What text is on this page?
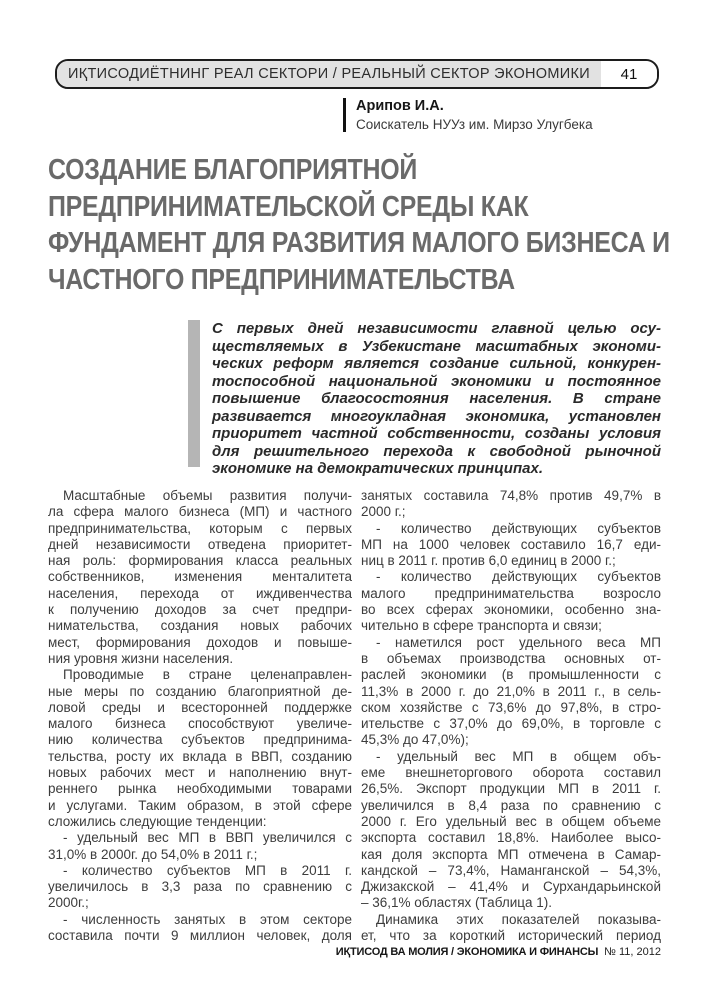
ИҚТИСОДИЁТНИНГ РЕАЛ СЕКТОРИ / РЕАЛЬНЫЙ СЕКТОР ЭКОНОМИКИ	41
Арипов И.А.
Соискатель НУУз им. Мирзо Улугбека
СОЗДАНИЕ БЛАГОПРИЯТНОЙ
ПРЕДПРИНИМАТЕЛЬСКОЙ СРЕДЫ КАК
ФУНДАМЕНТ ДЛЯ РАЗВИТИЯ МАЛОГО БИЗНЕСА И
ЧАСТНОГО ПРЕДПРИНИМАТЕЛЬСТВА
С первых дней независимости главной целью осу-
ществляемых в Узбекистане масштабных экономи-
ческих реформ является создание сильной, конкурен-
тоспособной национальной экономики и постоянное
повышение благосостояния населения. В стране
развивается многоукладная экономика, установлен
приоритет частной собственности, созданы условия
для решительного перехода к свободной рыночной
экономике на демократических принципах.
Масштабные объемы развития получи-
ла сфера малого бизнеса (МП) и частного
предпринимательства, которым с первых
дней независимости отведена приоритет-
ная роль: формирования класса реальных
собственников, изменения менталитета
населения, перехода от иждивенчества
к получению доходов за счет предпри-
нимательства, создания новых рабочих
мест, формирования доходов и повыше-
ния уровня жизни населения.
Проводимые в стране целенаправлен-
ные меры по созданию благоприятной де-
ловой среды и всесторонней поддержке
малого бизнеса способствуют увеличе-
нию количества субъектов предпринима-
тельства, росту их вклада в ВВП, созданию
новых рабочих мест и наполнению внут-
реннего рынка необходимыми товарами
и услугами. Таким образом, в этой сфере
сложились следующие тенденции:
- удельный вес МП в ВВП увеличился с
31,0% в 2000г. до 54,0% в 2011 г.;
- количество субъектов МП в 2011 г.
увеличилось в 3,3 раза по сравнению с
2000г.;
- численность занятых в этом секторе
составила почти 9 миллион человек, доля
занятых составила 74,8% против 49,7% в
2000 г.;
- количество действующих субъектов
МП на 1000 человек составило 16,7 еди-
ниц в 2011 г. против 6,0 единиц в 2000 г.;
- количество действующих субъектов
малого предпринимательства возросло
во всех сферах экономики, особенно зна-
чительно в сфере транспорта и связи;
- наметился рост удельного веса МП
в объемах производства основных от-
раслей экономики (в промышленности с
11,3% в 2000 г. до 21,0% в 2011 г., в сель-
ском хозяйстве с 73,6% до 97,8%, в стро-
ительстве с 37,0% до 69,0%, в торговле с
45,3% до 47,0%);
- удельный вес МП в общем объ-
еме внешнеторгового оборота составил
26,5%. Экспорт продукции МП в 2011 г.
увеличился в 8,4 раза по сравнению с
2000 г. Его удельный вес в общем объеме
экспорта составил 18,8%. Наиболее высо-
кая доля экспорта МП отмечена в Самар-
кандской – 73,4%, Наманганской – 54,3%,
Джизакской – 41,4% и Сурхандарьинской
– 36,1% областях (Таблица 1).
Динамика этих показателей показыва-
ет, что за короткий исторический период
ИҚТИСОД ВА МОЛИЯ / ЭКОНОМИКА И ФИНАНСЫ № 11, 2012
